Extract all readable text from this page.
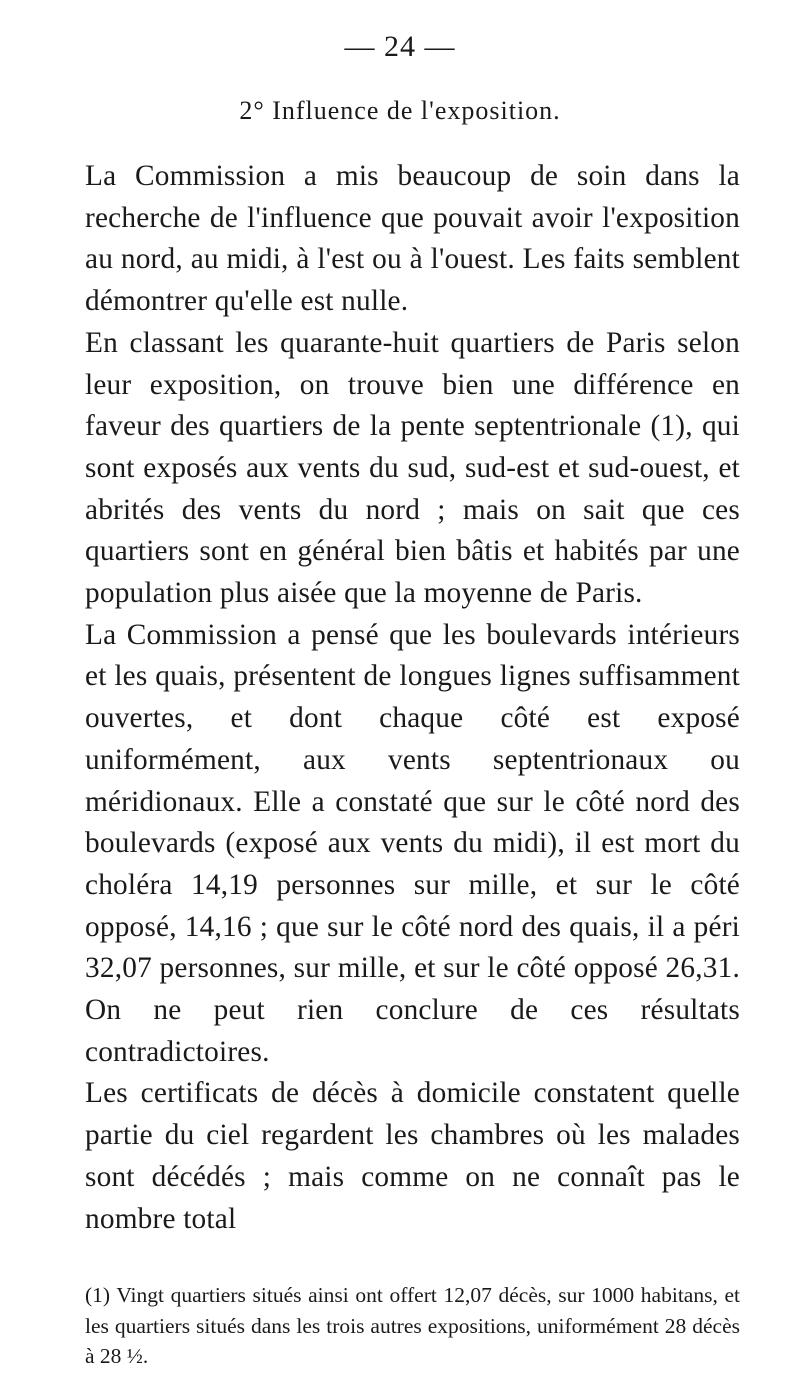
— 24 —
2° Influence de l'exposition.

La Commission a mis beaucoup de soin dans la recherche de l'influence que pouvait avoir l'exposition au nord, au midi, à l'est ou à l'ouest. Les faits semblent démontrer qu'elle est nulle.

En classant les quarante-huit quartiers de Paris selon leur exposition, on trouve bien une différence en faveur des quartiers de la pente septentrionale (1), qui sont exposés aux vents du sud, sud-est et sud-ouest, et abrités des vents du nord ; mais on sait que ces quartiers sont en général bien bâtis et habités par une population plus aisée que la moyenne de Paris.

La Commission a pensé que les boulevards intérieurs et les quais, présentent de longues lignes suffisamment ouvertes, et dont chaque côté est exposé uniformément, aux vents septentrionaux ou méridionaux. Elle a constaté que sur le côté nord des boulevards (exposé aux vents du midi), il est mort du choléra 14,19 personnes sur mille, et sur le côté opposé, 14,16 ; que sur le côté nord des quais, il a péri 32,07 personnes, sur mille, et sur le côté opposé 26,31. On ne peut rien conclure de ces résultats contradictoires.

Les certificats de décès à domicile constatent quelle partie du ciel regardent les chambres où les malades sont décédés ; mais comme on ne connaît pas le nombre total

(1) Vingt quartiers situés ainsi ont offert 12,07 décès, sur 1000 habitans, et les quartiers situés dans les trois autres expositions, uniformément 28 décès à 28 ½.
